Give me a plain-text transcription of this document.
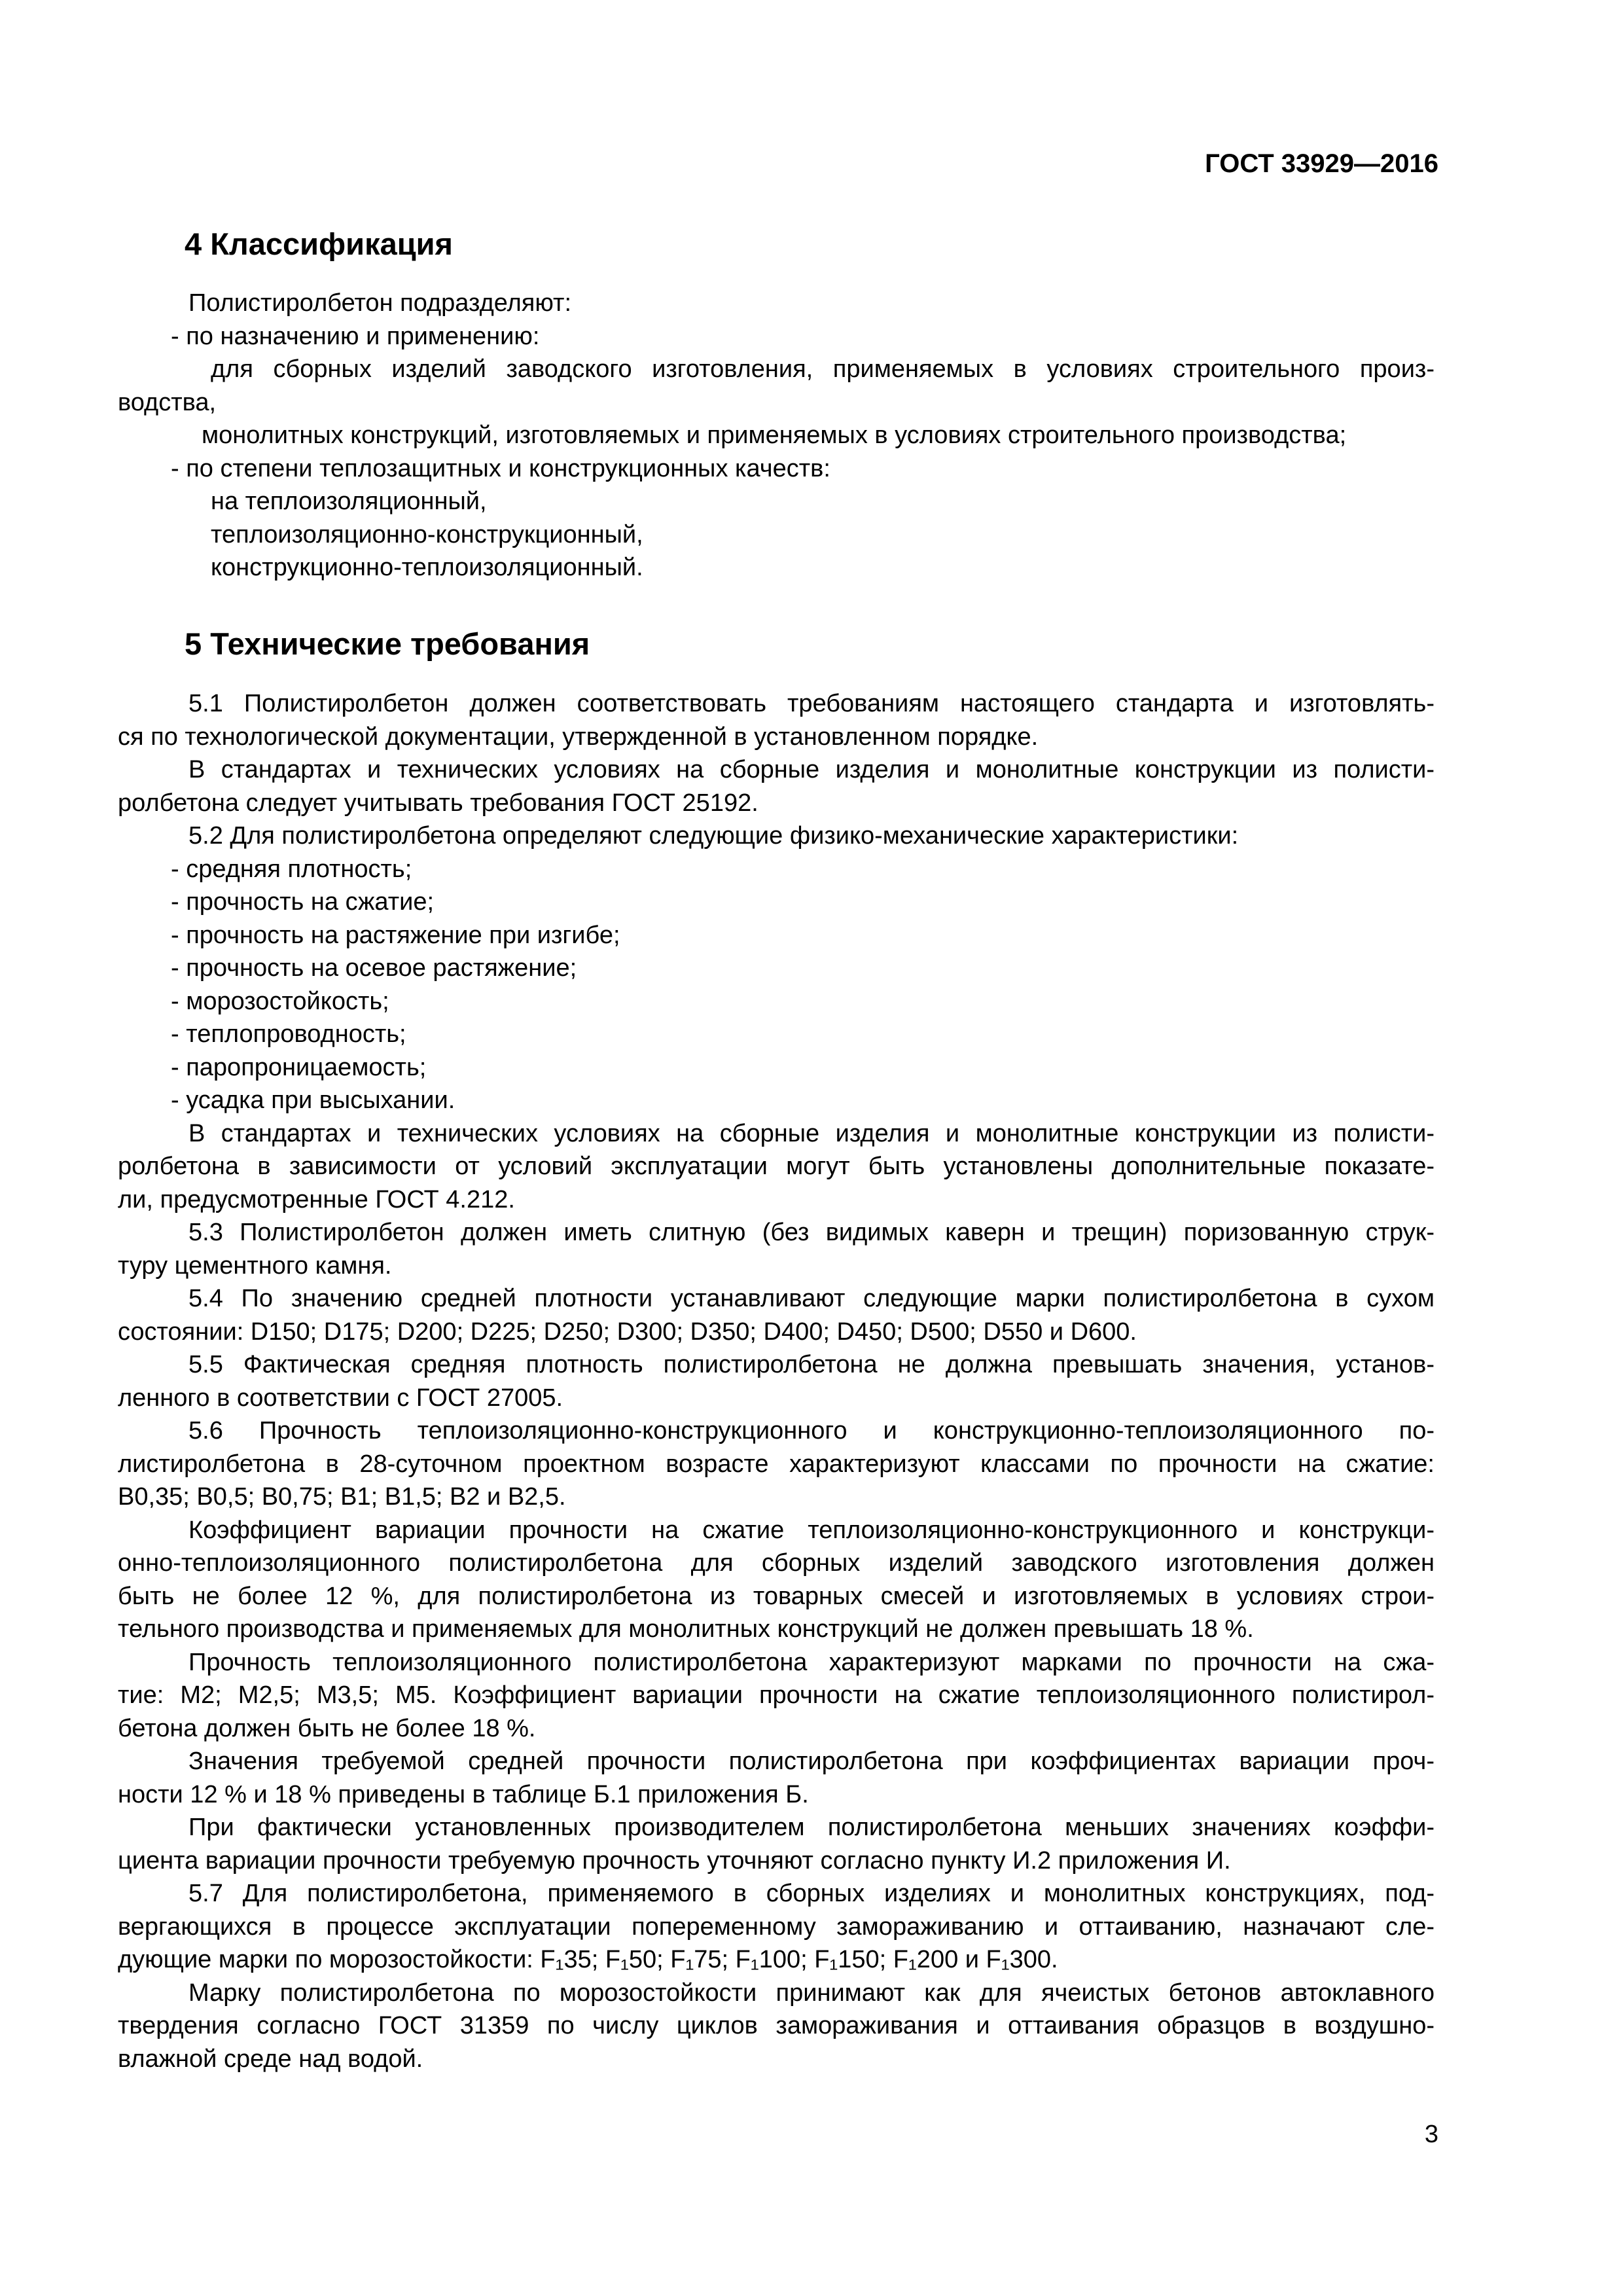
ГОСТ 33929—2016
4 Классификация
Полистиролбетон подразделяют:
- по назначению и применению:
для сборных изделий заводского изготовления, применяемых в условиях строительного произ-
водства,
монолитных конструкций, изготовляемых и применяемых в условиях строительного производства;
- по степени теплозащитных и конструкционных качеств:
на теплоизоляционный,
теплоизоляционно-конструкционный,
конструкционно-теплоизоляционный.
5 Технические требования
5.1 Полистиролбетон должен соответствовать требованиям настоящего стандарта и изготовлять-
ся по технологической документации, утвержденной в установленном порядке.
В стандартах и технических условиях на сборные изделия и монолитные конструкции из полисти-
ролбетона следует учитывать требования ГОСТ 25192.
5.2 Для полистиролбетона определяют следующие физико-механические характеристики:
- средняя плотность;
- прочность на сжатие;
- прочность на растяжение при изгибе;
- прочность на осевое растяжение;
- морозостойкость;
- теплопроводность;
- паропроницаемость;
- усадка при высыхании.
В стандартах и технических условиях на сборные изделия и монолитные конструкции из полисти-
ролбетона в зависимости от условий эксплуатации могут быть установлены дополнительные показате-
ли, предусмотренные ГОСТ 4.212.
5.3 Полистиролбетон должен иметь слитную (без видимых каверн и трещин) поризованную струк-
туру цементного камня.
5.4 По значению средней плотности устанавливают следующие марки полистиролбетона в сухом
состоянии: D150; D175; D200; D225; D250; D300; D350; D400; D450; D500; D550 и D600.
5.5 Фактическая средняя плотность полистиролбетона не должна превышать значения, установ-
ленного в соответствии с ГОСТ 27005.
5.6 Прочность теплоизоляционно-конструкционного и конструкционно-теплоизоляционного по-
листиролбетона в 28-суточном проектном возрасте характеризуют классами по прочности на сжатие:
В0,35; В0,5; В0,75; В1; В1,5; В2 и В2,5.
Коэффициент вариации прочности на сжатие теплоизоляционно-конструкционного и конструкци-
онно-теплоизоляционного полистиролбетона для сборных изделий заводского изготовления должен
быть не более 12 %, для полистиролбетона из товарных смесей и изготовляемых в условиях строи-
тельного производства и применяемых для монолитных конструкций не должен превышать 18 %.
Прочность теплоизоляционного полистиролбетона характеризуют марками по прочности на сжа-
тие: М2; М2,5; М3,5; М5. Коэффициент вариации прочности на сжатие теплоизоляционного полистирол-
бетона должен быть не более 18 %.
Значения требуемой средней прочности полистиролбетона при коэффициентах вариации проч-
ности 12 % и 18 % приведены в таблице Б.1 приложения Б.
При фактически установленных производителем полистиролбетона меньших значениях коэффи-
циента вариации прочности требуемую прочность уточняют согласно пункту И.2 приложения И.
5.7 Для полистиролбетона, применяемого в сборных изделиях и монолитных конструкциях, под-
вергающихся в процессе эксплуатации попеременному замораживанию и оттаиванию, назначают сле-
дующие марки по морозостойкости: F₁35; F₁50; F₁75; F₁100; F₁150; F₁200 и F₁300.
Марку полистиролбетона по морозостойкости принимают как для ячеистых бетонов автоклавного
твердения согласно ГОСТ 31359 по числу циклов замораживания и оттаивания образцов в воздушно-
влажной среде над водой.
3
